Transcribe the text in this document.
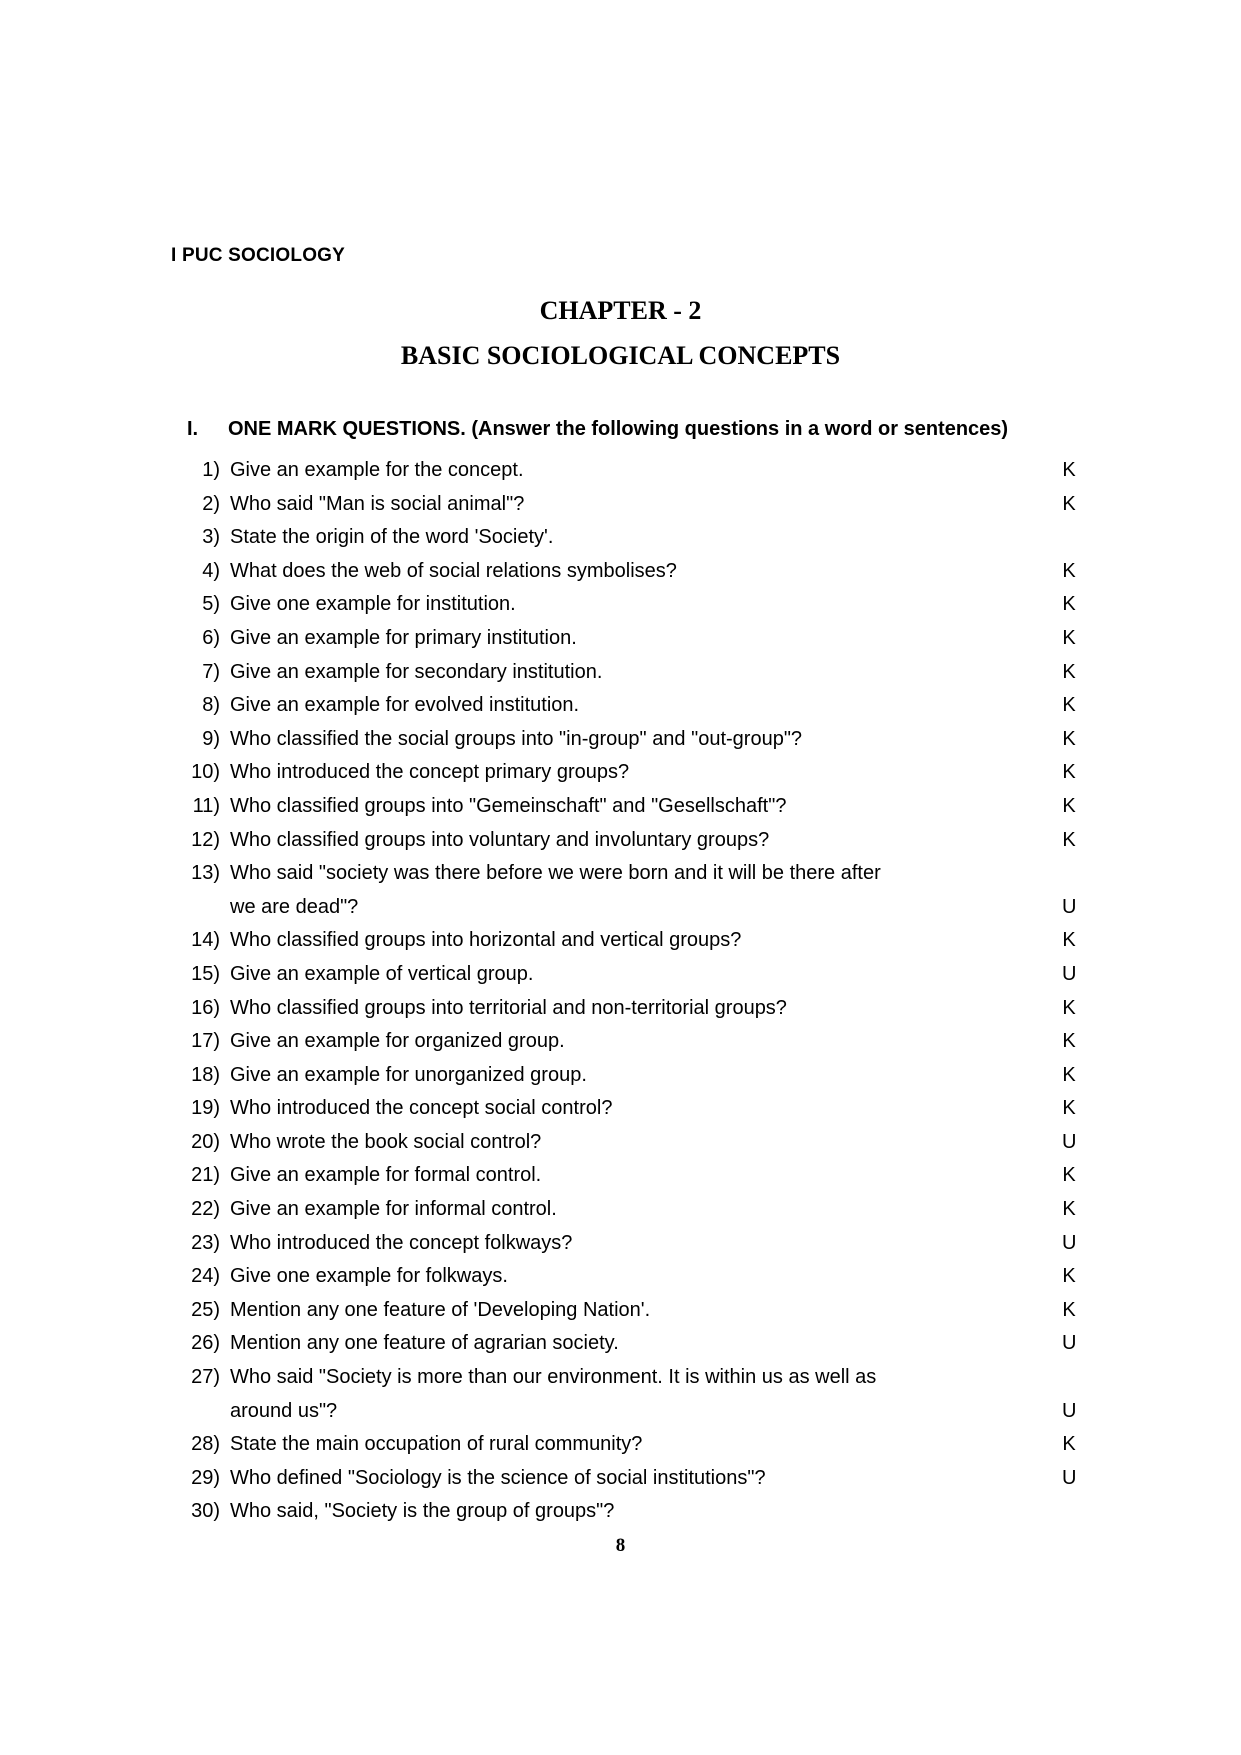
I PUC SOCIOLOGY
CHAPTER - 2
BASIC SOCIOLOGICAL CONCEPTS
I. ONE MARK QUESTIONS. (Answer the following questions in a word or sentences)
1) Give an example for the concept.	K
2) Who said "Man is social animal"?	K
3) State the origin of the word 'Society'.
4) What does the web of social relations symbolises?	K
5) Give one example for institution.	K
6) Give an example for primary institution.	K
7) Give an example for secondary institution.	K
8) Give an example for evolved institution.	K
9) Who classified the social groups into "in-group" and "out-group"?	K
10) Who introduced the concept primary groups?	K
11) Who classified groups into "Gemeinschaft" and "Gesellschaft"?	K
12) Who classified groups into voluntary and involuntary groups?	K
13) Who said "society was there before we were born and it will be there after
we are dead"?	U
14) Who classified groups into horizontal and vertical groups?	K
15) Give an example of vertical group.	U
16) Who classified groups into territorial and non-territorial groups?	K
17) Give an example for organized group.	K
18) Give an example for unorganized group.	K
19) Who introduced the concept social control?	K
20) Who wrote the book social control?	U
21) Give an example for formal control.	K
22) Give an example for informal control.	K
23) Who introduced the concept folkways?	U
24) Give one example for folkways.	K
25) Mention any one feature of 'Developing Nation'.	K
26) Mention any one feature of agrarian society.	U
27) Who said "Society is more than our environment. It is within us as well as
around us"?	U
28) State the main occupation of rural community?	K
29) Who defined "Sociology is the science of social institutions"?	U
30) Who said, "Society is the group of groups"?
8
